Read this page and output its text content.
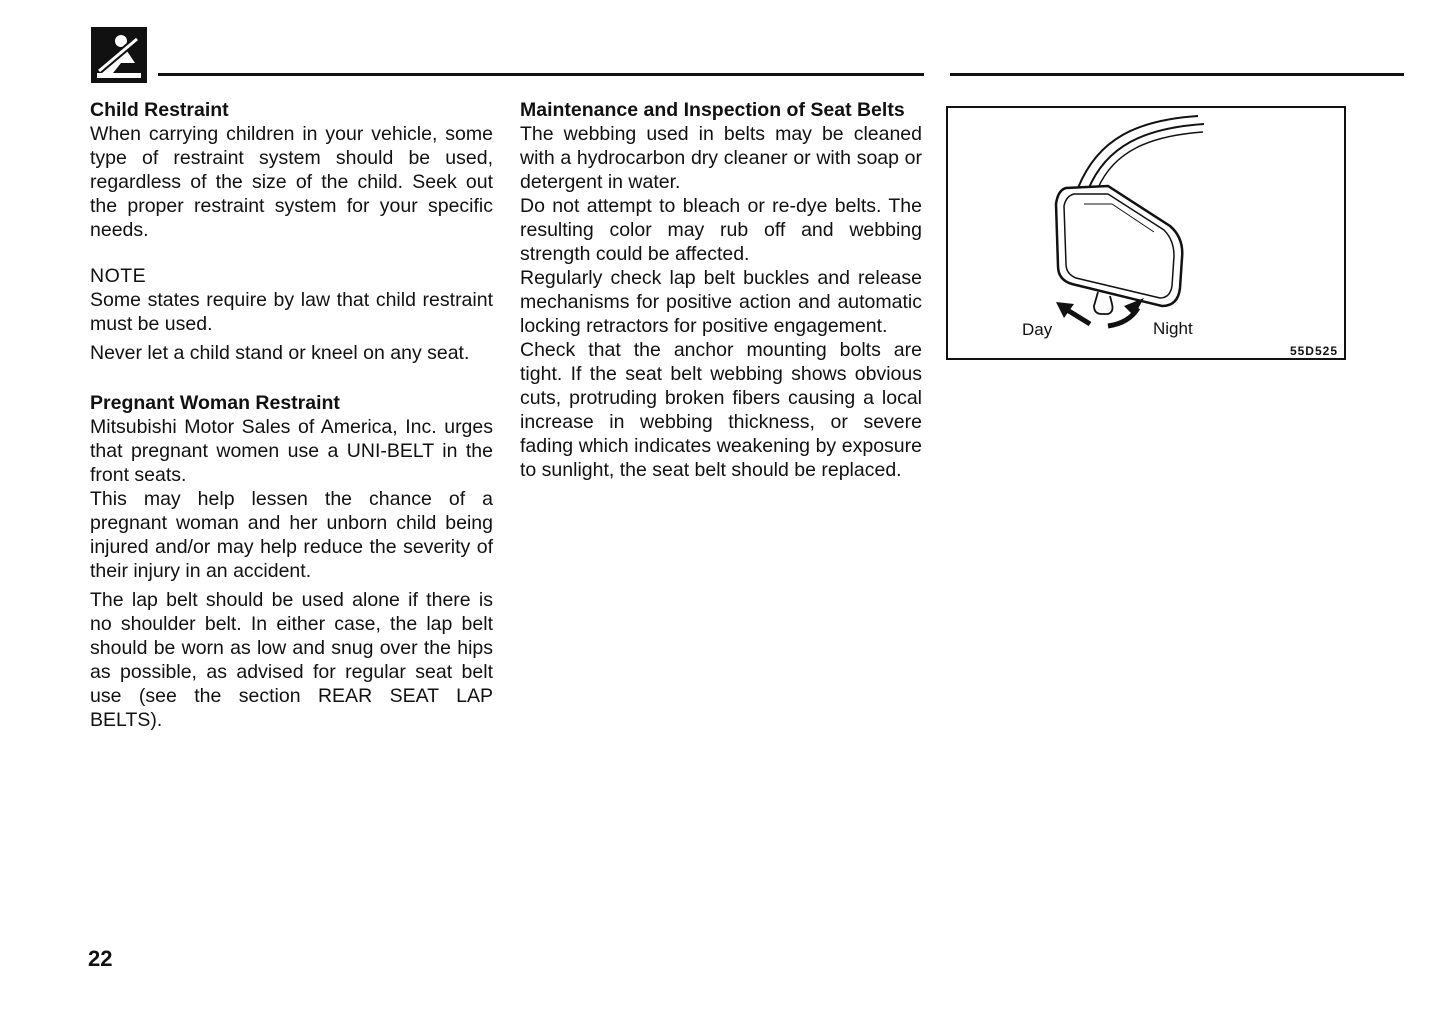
Child Restraint

When carrying children in your vehicle, some type of restraint system should be used, regardless of the size of the child. Seek out the proper restraint system for your specific needs.

NOTE

Some states require by law that child restraint must be used.

Never let a child stand or kneel on any seat.

Pregnant Woman Restraint

Mitsubishi Motor Sales of America, Inc. urges that pregnant women use a UNI-BELT in the front seats.

This may help lessen the chance of a pregnant woman and her unborn child being injured and/or may help reduce the severity of their injury in an accident.

The lap belt should be used alone if there is no shoulder belt. In either case, the lap belt should be worn as low and snug over the hips as possible, as advised for regular seat belt use (see the section REAR SEAT LAP BELTS).

Maintenance and Inspection of Seat Belts

The webbing used in belts may be cleaned with a hydrocarbon dry cleaner or with soap or detergent in water.

Do not attempt to bleach or re-dye belts. The resulting color may rub off and webbing strength could be affected.

Regularly check lap belt buckles and release mechanisms for positive action and automatic locking retractors for positive engagement.

Check that the anchor mounting bolts are tight. If the seat belt webbing shows obvious cuts, protruding broken fibers causing a local increase in webbing thickness, or severe fading which indicates weakening by exposure to sunlight, the seat belt should be replaced.

Day	Night
55D525
22
